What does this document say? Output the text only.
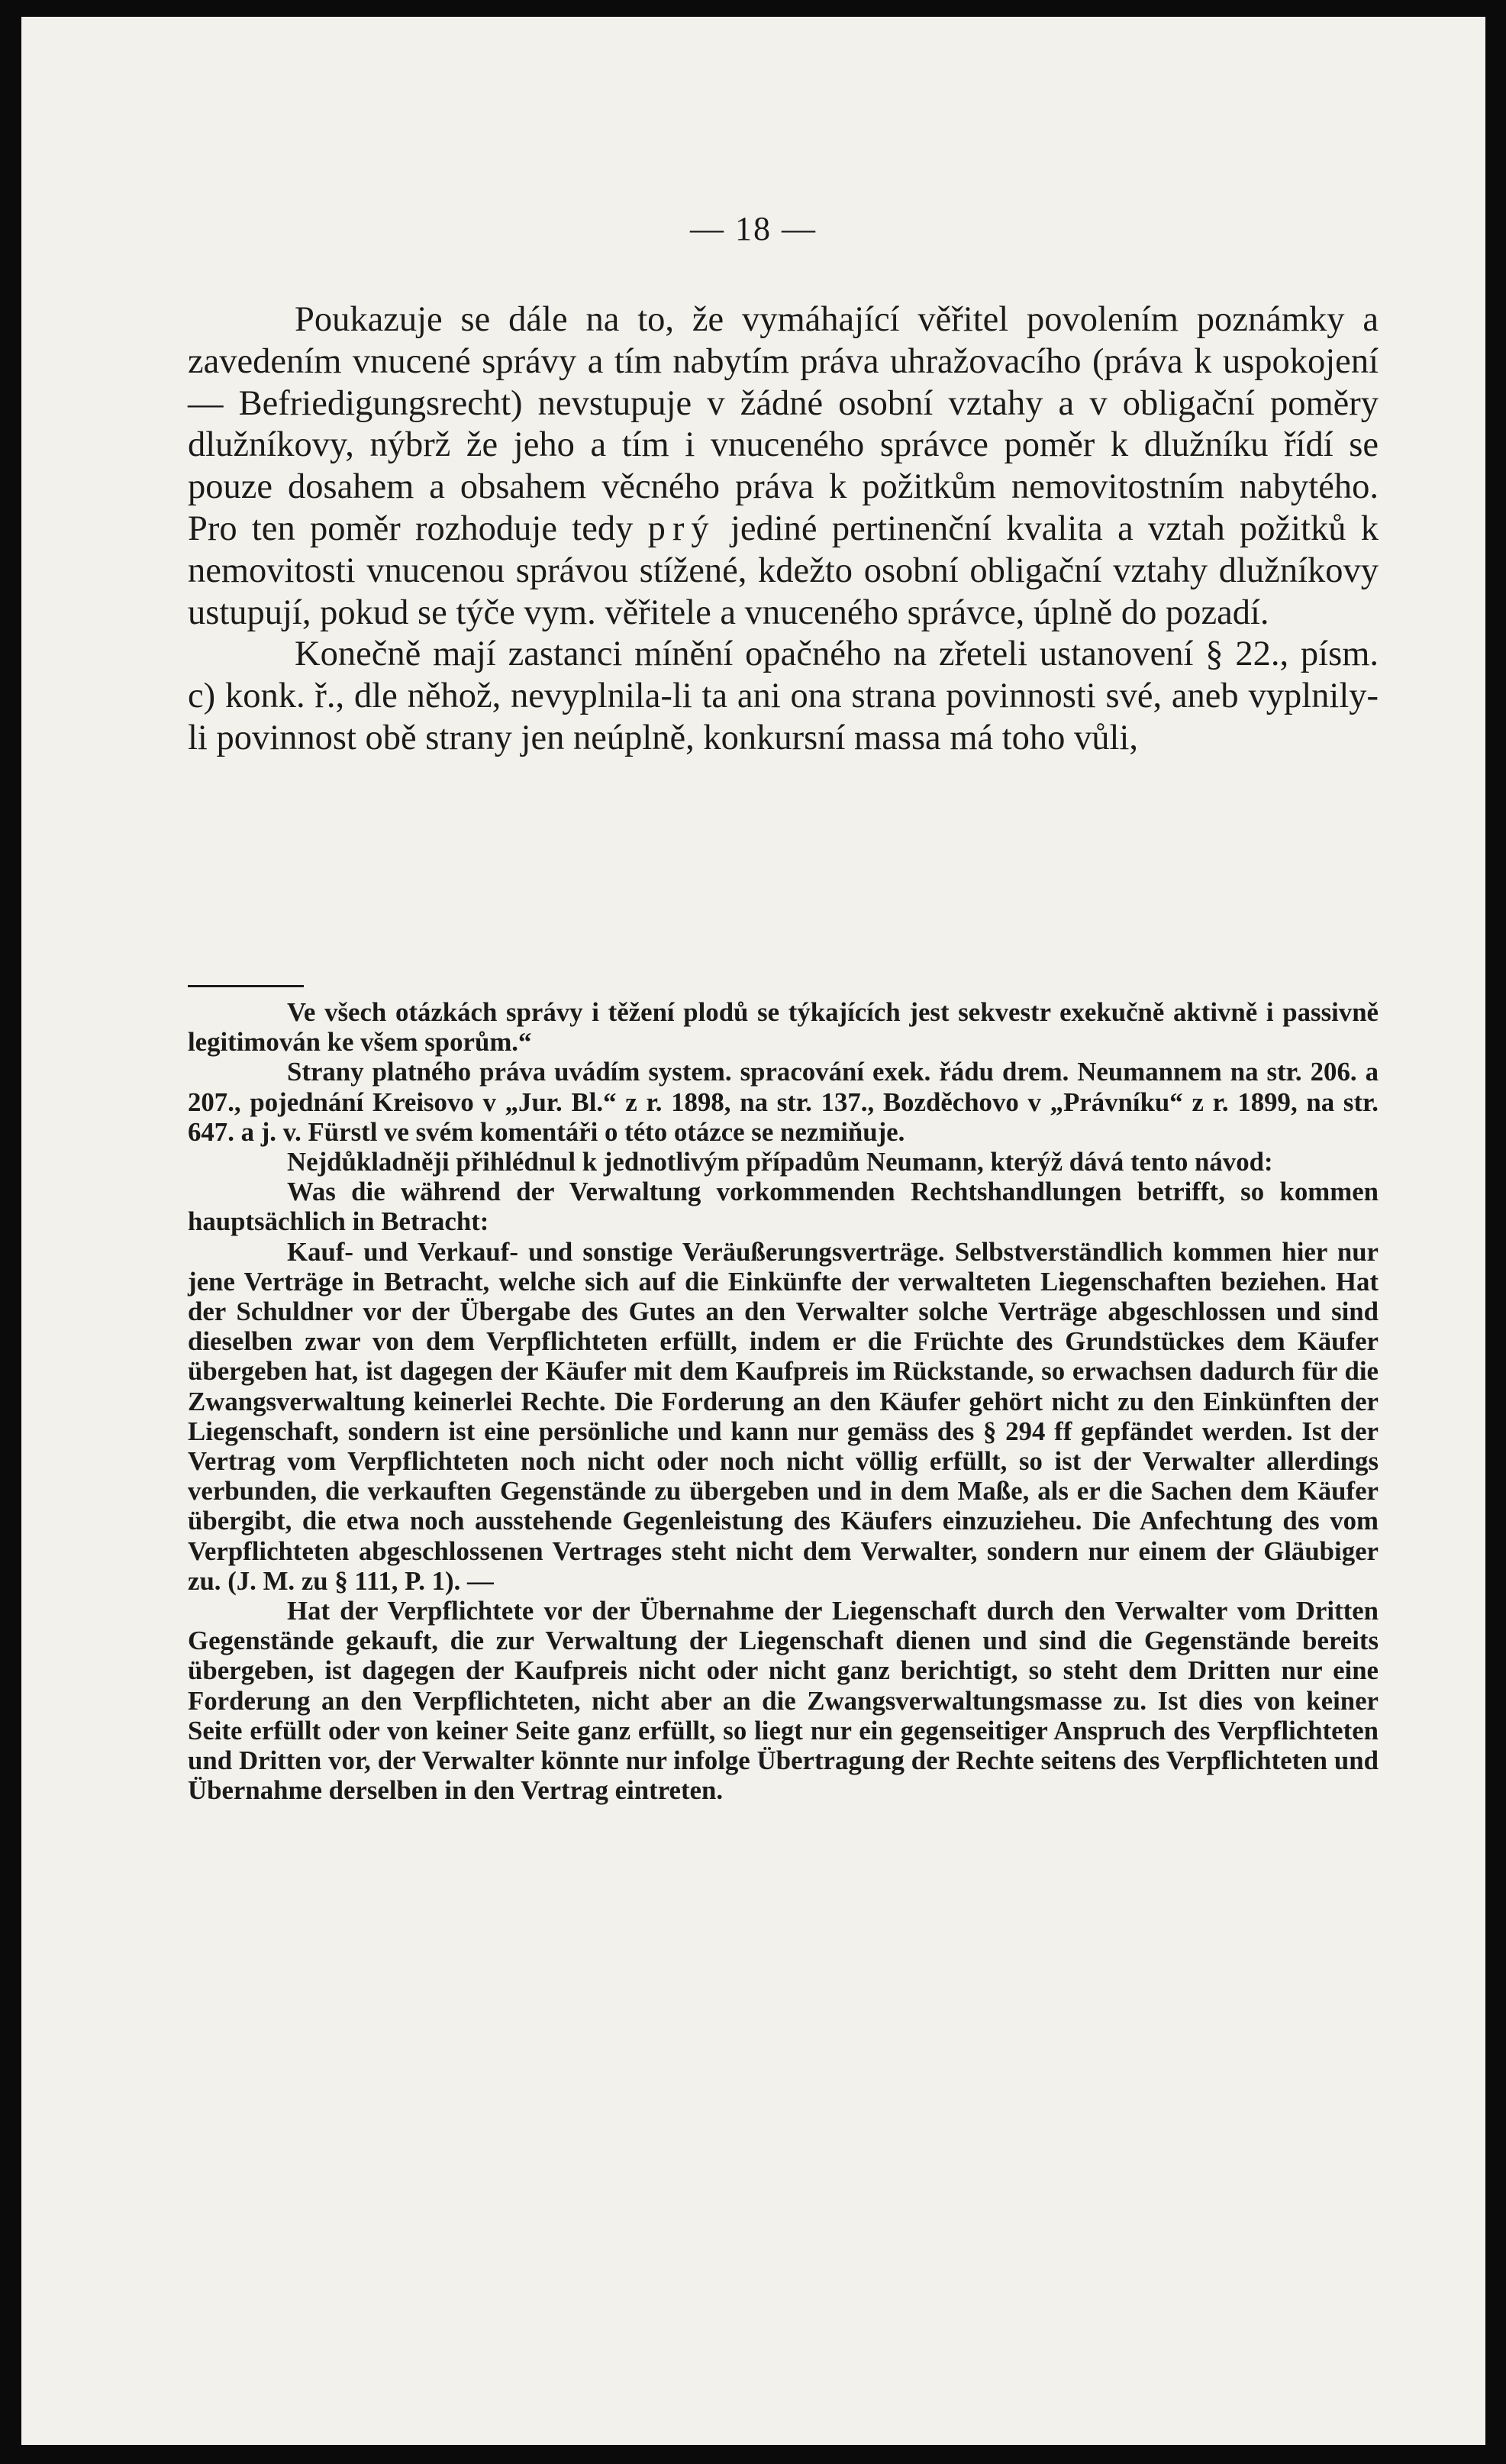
— 18 —

Poukazuje se dále na to, že vymáhající věřitel povolením poznámky a zavedením vnucené správy a tím nabytím práva uhražovacího (práva k uspokojení — Befriedigungsrecht) nevstupuje v žádné osobní vztahy a v obligační poměry dlužníkovy, nýbrž že jeho a tím i vnuceného správce poměr k dlužníku řídí se pouze dosahem a obsahem věcného práva k požitkům nemovitostním nabytého. Pro ten poměr rozhoduje tedy prý jediné pertinenční kvalita a vztah požitků k nemovitosti vnucenou správou stížené, kdežto osobní obligační vztahy dlužníkovy ustupují, pokud se týče vym. věřitele a vnuceného správce, úplně do pozadí.

Konečně mají zastanci mínění opačného na zřeteli ustanovení § 22., písm. c) konk. ř., dle něhož, nevyplnila-li ta ani ona strana povinnosti své, aneb vyplnily-li povinnost obě strany jen neúplně, konkursní massa má toho vůli,

Ve všech otázkách správy i těžení plodů se týkajících jest sekvestr exekučně aktivně i passivně legitimován ke všem sporům.“

Strany platného práva uvádím system. spracování exek. řádu drem. Neumannem na str. 206. a 207., pojednání Kreisovo v „Jur. Bl.“ z r. 1898, na str. 137., Bozděchovo v „Právníku“ z r. 1899, na str. 647. a j. v. Fürstl ve svém komentáři o této otázce se nezmiňuje.

Nejdůkladněji přihlédnul k jednotlivým případům Neumann, kterýž dává tento návod:

Was die während der Verwaltung vorkommenden Rechtshandlungen betrifft, so kommen hauptsächlich in Betracht:

Kauf- und Verkauf- und sonstige Veräußerungsverträge. Selbstverständlich kommen hier nur jene Verträge in Betracht, welche sich auf die Einkünfte der verwalteten Liegenschaften beziehen. Hat der Schuldner vor der Übergabe des Gutes an den Verwalter solche Verträge abgeschlossen und sind dieselben zwar von dem Verpflichteten erfüllt, indem er die Früchte des Grundstückes dem Käufer übergeben hat, ist dagegen der Käufer mit dem Kaufpreis im Rückstande, so erwachsen dadurch für die Zwangsverwaltung keinerlei Rechte. Die Forderung an den Käufer gehört nicht zu den Einkünften der Liegenschaft, sondern ist eine persönliche und kann nur gemäss des § 294 ff gepfändet werden. Ist der Vertrag vom Verpflichteten noch nicht oder noch nicht völlig erfüllt, so ist der Verwalter allerdings verbunden, die verkauften Gegenstände zu übergeben und in dem Maße, als er die Sachen dem Käufer übergibt, die etwa noch ausstehende Gegenleistung des Käufers einzuzieheu. Die Anfechtung des vom Verpflichteten abgeschlossenen Vertrages steht nicht dem Verwalter, sondern nur einem der Gläubiger zu. (J. M. zu § 111, P. 1). —

Hat der Verpflichtete vor der Übernahme der Liegenschaft durch den Verwalter vom Dritten Gegenstände gekauft, die zur Verwaltung der Liegenschaft dienen und sind die Gegenstände bereits übergeben, ist dagegen der Kaufpreis nicht oder nicht ganz berichtigt, so steht dem Dritten nur eine Forderung an den Verpflichteten, nicht aber an die Zwangsverwaltungsmasse zu. Ist dies von keiner Seite erfüllt oder von keiner Seite ganz erfüllt, so liegt nur ein gegenseitiger Anspruch des Verpflichteten und Dritten vor, der Verwalter könnte nur infolge Übertragung der Rechte seitens des Verpflichteten und Übernahme derselben in den Vertrag eintreten.
